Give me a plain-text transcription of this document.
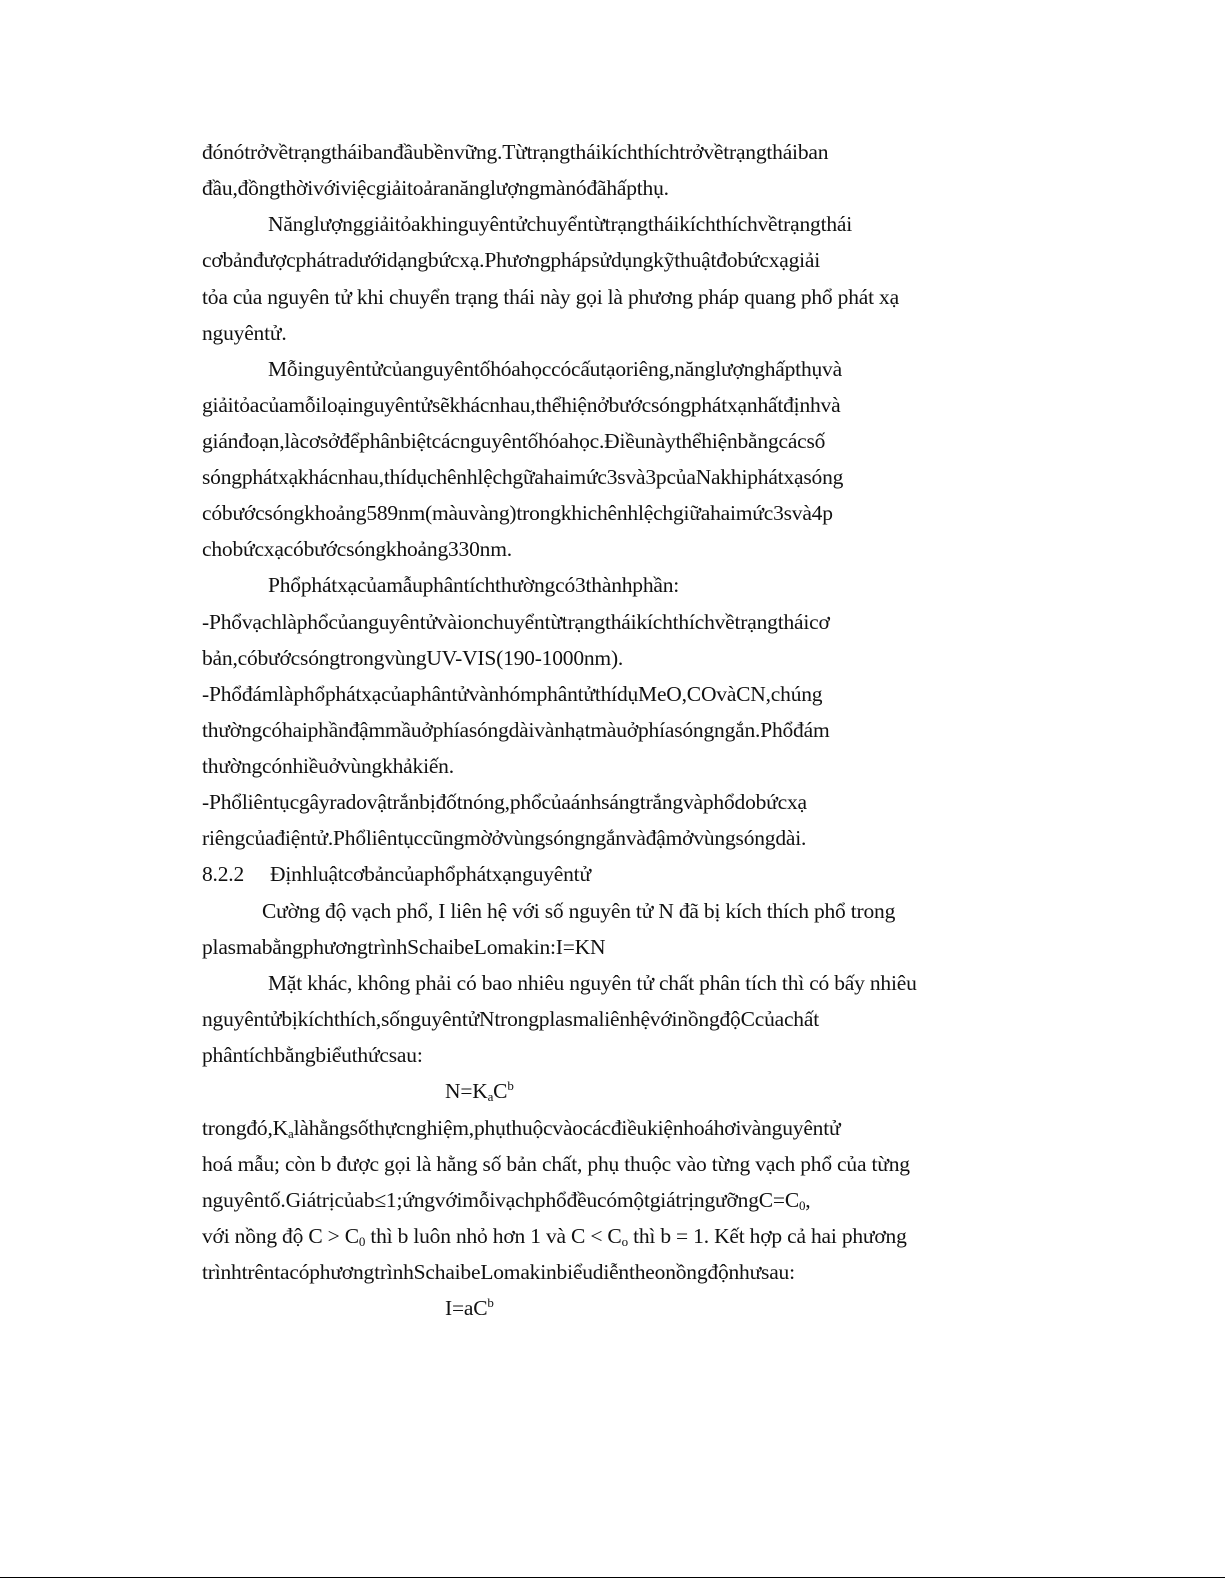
đónótrởvềtrạngtháibanđầubềnvững.Từtrạngtháikíchthíchtrởvềtrạngtháiban
đầu,đồngthờivớiviệcgiảitoảranănglượngmànóđãhấpthụ.
Nănglượnggiảitỏakhinguyêntửchuyểntừtrạngtháikíchthíchvềtrạngthái
cơbảnđượcphátradướidạngbứcxạ.Phươngphápsửdụngkỹthuậtđobứcxạgiải
tỏa của nguyên tử khi chuyển trạng thái này gọi là phương pháp quang phổ phát xạ
nguyêntử.
Mỗinguyêntửcủanguyêntốhóahọccócấutạoriêng,nănglượnghấpthụvà
giảitỏacủamỗiloạinguyêntửsẽkhácnhau,thểhiệnởbướcsóngphátxạnhấtđịnhvà
giánđoạn,làcơsởđểphânbiệtcácnguyêntốhóahọc.Điềunàythểhiệnbằngcácsố
sóngphátxạkhácnhau,thídụchênhlệchgữahaimức3svà3pcủaNakhiphátxạsóng
cóbướcsóngkhoảng589nm(màuvàng)trongkhichênhlệchgiữahaimức3svà4p
chobứcxạcóbướcsóngkhoảng330nm.
Phổphátxạcủamẫuphântíchthườngcó3thànhphần:
-Phổvạchlàphổcủanguyêntửvàionchuyểntừtrạngtháikíchthíchvềtrạngtháicơ
bản,cóbướcsóngtrongvùngUV-VIS(190-1000nm).
-PhổđámlàphổphátxạcủaphântửvànhómphântửthídụMeO,COvàCN,chúng
thườngcóhaiphầnđậmmầuởphíasóngdàivànhạtmàuởphíasóngngắn.Phổđám
thườngcónhiềuởvùngkhảkiến.
-Phổliêntụcgâyradovậtrắnbịđốtnóng,phổcủaánhsángtrắngvàphổdobứcxạ
riêngcủađiệntử.Phổliêntụccũngmờởvùngsóngngắnvàđậmởvùngsóngdài.
8.2.2 Địnhluậtcơbảncủaphổphátxạnguyêntử
Cường độ vạch phổ, I liên hệ với số nguyên tử N đã bị kích thích phổ trong
plasmabằngphươngtrìnhSchaibeLomakin:I=KN
Mặt khác, không phải có bao nhiêu nguyên tử chất phân tích thì có bấy nhiêu
nguyêntửbịkíchthích,sốnguyêntửNtrongplasmaliênhệvớinồngđộCcủachất
phântíchbằngbiểuthứcsau:
$N=K_aC^b$
$trongđó,K_alàhằngsốthựcnghiệm,phụthuộcvàocácđiềukiệnhoáhơivànguyêntử$
hoá mẫu; còn b được gọi là hằng số bản chất, phụ thuộc vào từng vạch phổ của từng
$nguyêntố.Giátrịcủab\le 1;ứngvớimỗivạchphổđềucómộtgiátrịngưỡngC=C_0$,
với nồng độ $C > C_0$ thì b luôn nhỏ hơn 1 và $C < C_o$ thì b = 1. Kết hợp cả hai phương
trìnhtrêntacóphươngtrìnhSchaibeLomakinbiểudiễntheonồngđộnhưsau:
$I=aC^b$
